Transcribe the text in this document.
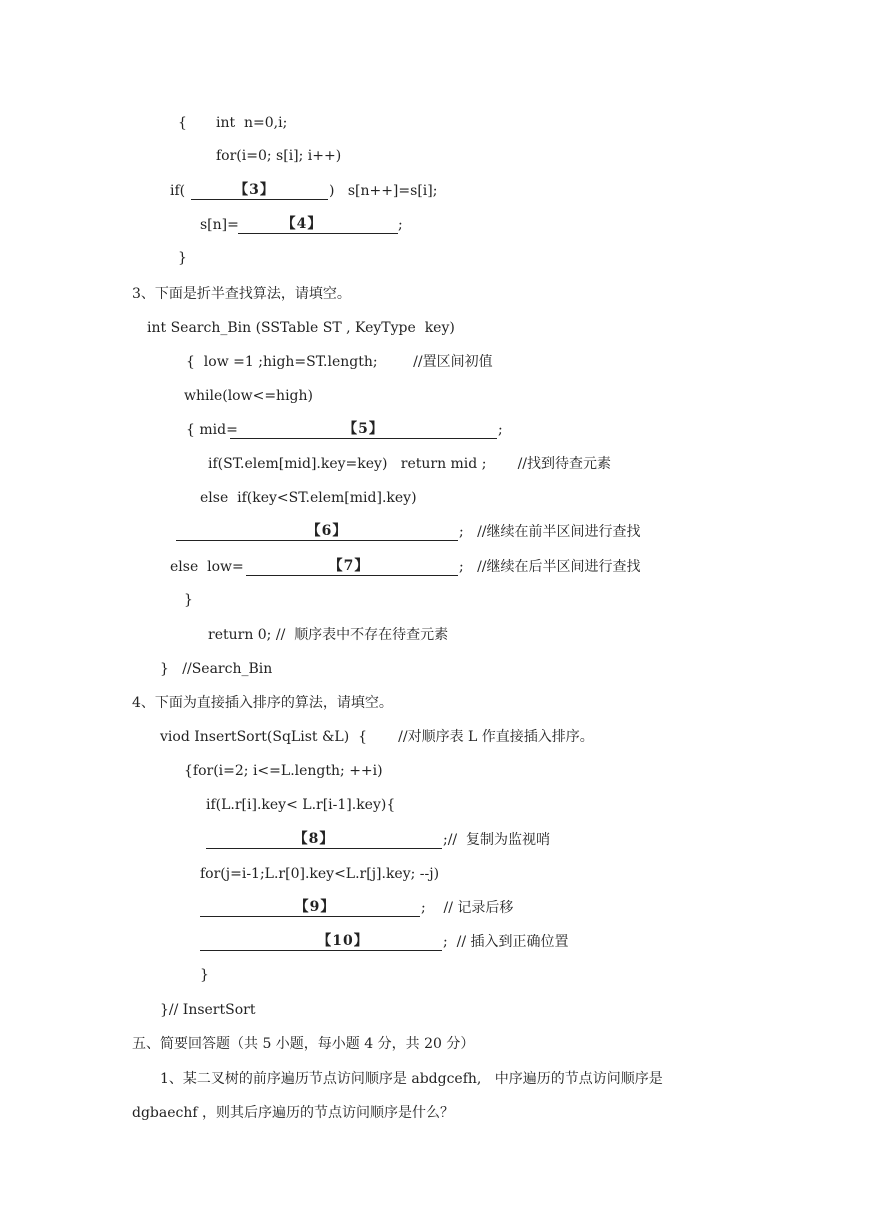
{ int  n=0,i;
for(i=0; s[i]; i++)
if(	【3】	)   s[n++]=s[i];
s[n]=	【4】	;
}
3、下面是折半查找算法，请填空。
int Search_Bin (SSTable ST , KeyType  key)
{  low =1 ;high=ST.length;        //置区间初值
while(low<=high)
{ mid=	【5】	;
if(ST.elem[mid].key=key)   return mid ;       //找到待查元素
else  if(key<ST.elem[mid].key)
【6】	;   //继续在前半区间进行查找
else  low=	【7】	;   //继续在后半区间进行查找
}
return 0; //  顺序表中不存在待查元素
}   //Search_Bin
4、下面为直接插入排序的算法，请填空。
viod InsertSort(SqList &L)  {       //对顺序表 L 作直接插入排序。
{for(i=2; i<=L.length; ++i)
if(L.r[i].key< L.r[i-1].key){
【8】	;//  复制为监视哨
for(j=i-1;L.r[0].key<L.r[j].key; --j)
【9】	;    // 记录后移
【10】	;  // 插入到正确位置
}
}// InsertSort
五、简要回答题（共 5 小题，每小题 4 分，共 20 分）
1、某二叉树的前序遍历节点访问顺序是 abdgcefh,   中序遍历的节点访问顺序是
dgbaechf ，则其后序遍历的节点访问顺序是什么？
